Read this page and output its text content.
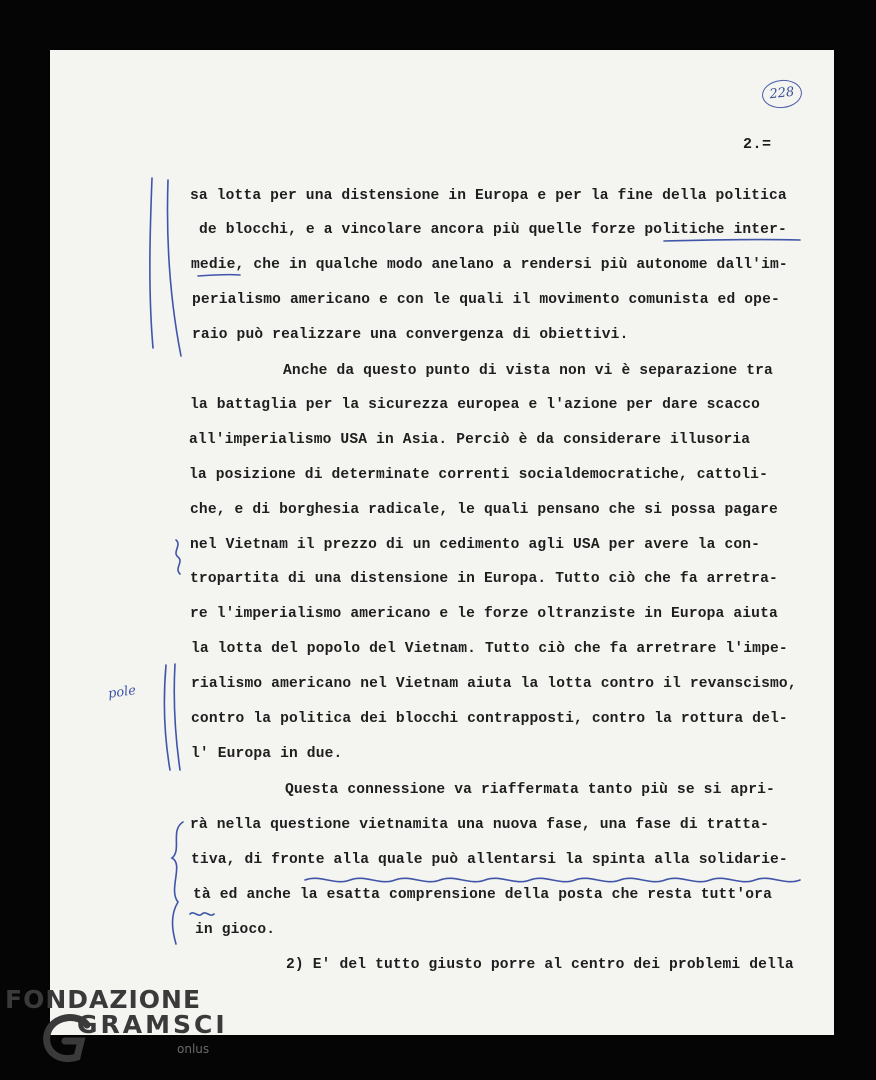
228
2.=
sa lotta per una distensione in Europa e per la fine della politica
de blocchi, e a vincolare ancora più quelle forze politiche inter-
medie, che in qualche modo anelano a rendersi più autonome dall'im-
perialismo americano e con le quali il movimento comunista ed ope-
raio può realizzare una convergenza di obiettivi.
Anche da questo punto di vista non vi è separazione tra
la battaglia per la sicurezza europea e l'azione per dare scacco
all'imperialismo USA in Asia. Perciò è da considerare illusoria
la posizione di determinate correnti socialdemocratiche, cattoli-
che, e di borghesia radicale, le quali pensano che si possa pagare
nel Vietnam il prezzo di un cedimento agli USA per avere la con-
tropartita di una distensione in Europa. Tutto ciò che fa arretra-
re l'imperialismo americano e le forze oltranziste in Europa aiuta
la lotta del popolo del Vietnam. Tutto ciò che fa arretrare l'impe-
rialismo americano nel Vietnam aiuta la lotta contro il revanscismo,
contro la politica dei blocchi contrapposti, contro la rottura del-
l' Europa in due.
Questa connessione va riaffermata tanto più se si apri-
rà nella questione vietnamita una nuova fase, una fase di tratta-
tiva, di fronte alla quale può allentarsi la spinta alla solidarie-
tà ed anche la esatta comprensione della posta che resta tutt'ora
in gioco.
2) E' del tutto giusto porre al centro dei problemi della
pole
FONDAZIONE
GRAMSCI
onlus
